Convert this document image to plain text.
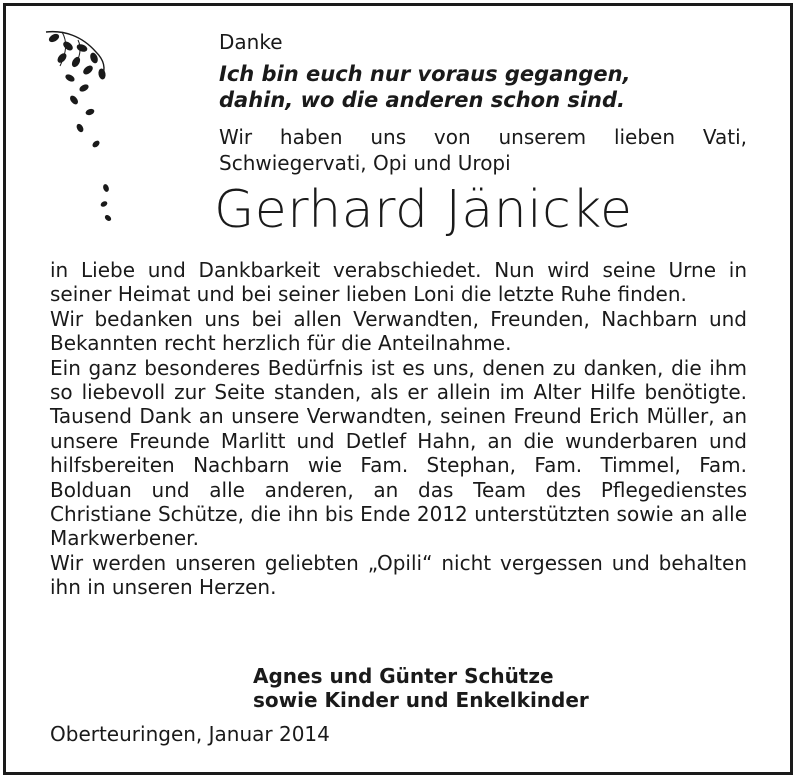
Danke
Ich bin euch nur voraus gegangen,
dahin, wo die anderen schon sind.
Wir haben uns von unserem lieben Vati,
Schwiegervati, Opi und Uropi
Gerhard Jänicke

in Liebe und Dankbarkeit verabschiedet. Nun wird seine Urne in seiner Heimat und bei seiner lieben Loni die letzte Ruhe finden.

Wir bedanken uns bei allen Verwandten, Freunden, Nachbarn und Bekannten recht herzlich für die Anteilnahme.

Ein ganz besonderes Bedürfnis ist es uns, denen zu danken, die ihm so liebevoll zur Seite standen, als er allein im Alter Hilfe benötigte. Tausend Dank an unsere Verwandten, seinen Freund Erich Müller, an unsere Freunde Marlitt und Detlef Hahn, an die wunderbaren und hilfsbereiten Nachbarn wie Fam. Stephan, Fam. Timmel, Fam. Bolduan und alle anderen, an das Team des Pflegedienstes Christiane Schütze, die ihn bis Ende 2012 unterstützten sowie an alle Markwerbener.

Wir werden unseren geliebten „Opili“ nicht vergessen und behalten ihn in unseren Herzen.

Agnes und Günter Schütze
sowie Kinder und Enkelkinder
Oberteuringen, Januar 2014
